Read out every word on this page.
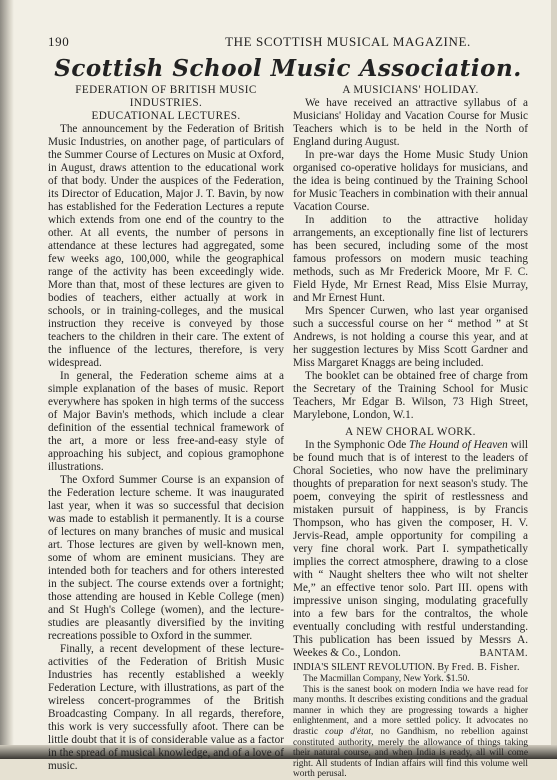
190	THE SCOTTISH MUSICAL MAGAZINE.
Scottish School Music Association.
FEDERATION OF BRITISH MUSIC INDUSTRIES.
EDUCATIONAL LECTURES.

The announcement by the Federation of British Music Industries, on another page, of particulars of the Summer Course of Lectures on Music at Oxford, in August, draws attention to the educational work of that body. Under the auspices of the Federation, its Director of Education, Major J. T. Bavin, by now has established for the Federation Lectures a repute which extends from one end of the country to the other. At all events, the number of persons in attendance at these lectures had aggregated, some few weeks ago, 100,000, while the geographical range of the activity has been exceedingly wide. More than that, most of these lectures are given to bodies of teachers, either actually at work in schools, or in training-colleges, and the musical instruction they receive is conveyed by those teachers to the children in their care. The extent of the influence of the lectures, therefore, is very widespread.

In general, the Federation scheme aims at a simple explanation of the bases of music. Report everywhere has spoken in high terms of the success of Major Bavin's methods, which include a clear definition of the essential technical framework of the art, a more or less free-and-easy style of approaching his subject, and copious gramophone illustrations.

The Oxford Summer Course is an expansion of the Federation lecture scheme. It was inaugurated last year, when it was so successful that decision was made to establish it permanently. It is a course of lectures on many branches of music and musical art. Those lectures are given by well-known men, some of whom are eminent musicians. They are intended both for teachers and for others interested in the subject. The course extends over a fortnight; those attending are housed in Keble College (men) and St Hugh's College (women), and the lecture-studies are pleasantly diversified by the inviting recreations possible to Oxford in the summer.

Finally, a recent development of these lecture-activities of the Federation of British Music Industries has recently established a weekly Federation Lecture, with illustrations, as part of the wireless concert-programmes of the British Broadcasting Company. In all regards, therefore, this work is very successfully afoot. There can be little doubt that it is of considerable value as a factor in the spread of musical knowledge, and of a love of music.

A MUSICIANS' HOLIDAY.

We have received an attractive syllabus of a Musicians' Holiday and Vacation Course for Music Teachers which is to be held in the North of England during August.

In pre-war days the Home Music Study Union organised co-operative holidays for musicians, and the idea is being continued by the Training School for Music Teachers in combination with their annual Vacation Course.

In addition to the attractive holiday arrangements, an exceptionally fine list of lecturers has been secured, including some of the most famous professors on modern music teaching methods, such as Mr Frederick Moore, Mr F. C. Field Hyde, Mr Ernest Read, Miss Elsie Murray, and Mr Ernest Hunt.

Mrs Spencer Curwen, who last year organised such a successful course on her “ method ” at St Andrews, is not holding a course this year, and at her suggestion lectures by Miss Scott Gardner and Miss Margaret Knaggs are being included.

The booklet can be obtained free of charge from the Secretary of the Training School for Music Teachers, Mr Edgar B. Wilson, 73 High Street, Marylebone, London, W.1.

A NEW CHORAL WORK.

In the Symphonic Ode The Hound of Heaven will be found much that is of interest to the leaders of Choral Societies, who now have the preliminary thoughts of preparation for next season's study. The poem, conveying the spirit of restlessness and mistaken pursuit of happiness, is by Francis Thompson, who has given the composer, H. V. Jervis-Read, ample opportunity for compiling a very fine choral work. Part I. sympathetically implies the correct atmosphere, drawing to a close with “ Naught shelters thee who wilt not shelter Me,” an effective tenor solo. Part III. opens with impressive unison singing, modulating gracefully into a few bars for the contraltos, the whole eventually concluding with restful understanding. This publication has been issued by Messrs A. Weekes & Co., London.	BANTAM.

INDIA'S SILENT REVOLUTION. By Fred. B. Fisher.

The Macmillan Company, New York. $1.50.

This is the sanest book on modern India we have read for many months. It describes existing conditions and the gradual manner in which they are progressing towards a higher enlightenment, and a more settled policy. It advocates no drastic coup d'état, no Gandhism, no rebellion against constituted authority, merely the allowance of things taking their natural course, and when India is ready, all will come right. All students of Indian affairs will find this volume well worth perusal.
